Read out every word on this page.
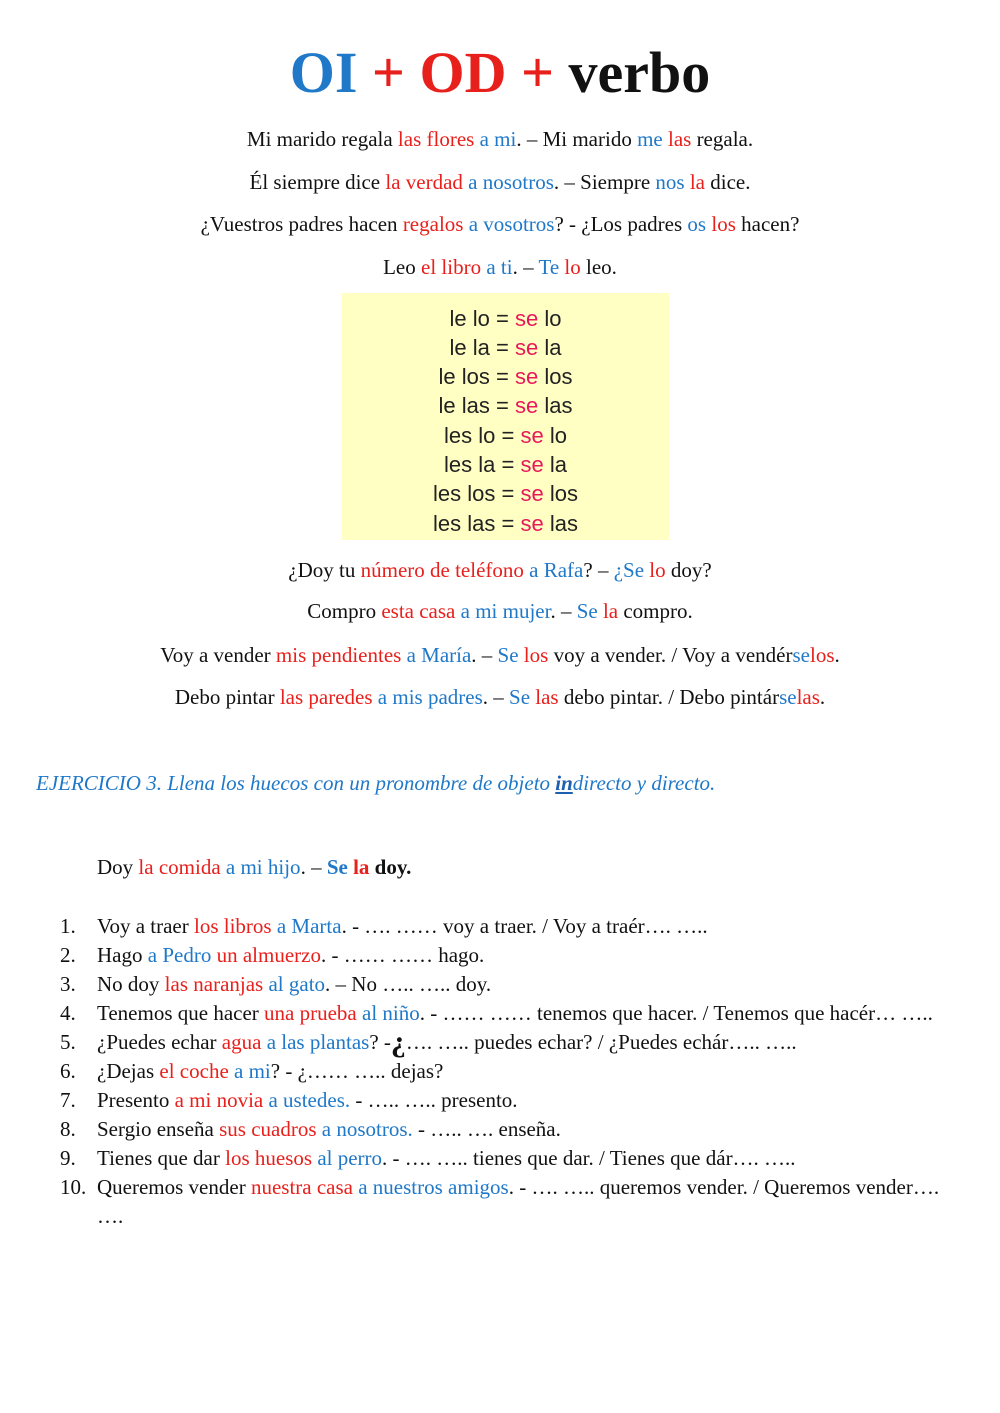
OI + OD + verbo
Mi marido regala las flores a mi. – Mi marido me las regala.
Él siempre dice la verdad a nosotros. – Siempre nos la dice.
¿Vuestros padres hacen regalos a vosotros? - ¿Los padres os los hacen?
Leo el libro a ti. – Te lo leo.
le lo = se lo
le la = se la
le los = se los
le las = se las
les lo = se lo
les la = se la
les los = se los
les las = se las
¿Doy tu número de teléfono a Rafa? – ¿Se lo doy?
Compro esta casa a mi mujer. – Se la compro.
Voy a vender mis pendientes a María. – Se los voy a vender. / Voy a vendérselos.
Debo pintar las paredes a mis padres. – Se las debo pintar. / Debo pintárselas.
EJERCICIO 3. Llena los huecos con un pronombre de objeto indirecto y directo.
Doy la comida a mi hijo. – Se la doy.
1.	Voy a traer los libros a Marta. - …. …… voy a traer. / Voy a traér…. …..
2.	Hago a Pedro un almuerzo. - …… …… hago.
3.	No doy las naranjas al gato. – No ….. ….. doy.
4.	Tenemos que hacer una prueba al niño. - …… …… tenemos que hacer. / Tenemos que hacér… …..
5.	¿Puedes echar agua a las plantas? -¿…. ….. puedes echar? / ¿Puedes echár….. …..
6.	¿Dejas el coche a mi? - ¿…… ….. dejas?
7.	Presento a mi novia a ustedes. - ….. ….. presento.
8.	Sergio enseña sus cuadros a nosotros. - ….. …. enseña.
9.	Tienes que dar los huesos al perro. - …. ….. tienes que dar. / Tienes que dár…. …..
10. Queremos vender nuestra casa a nuestros amigos. - …. ….. queremos vender. / Queremos vender…. ….
